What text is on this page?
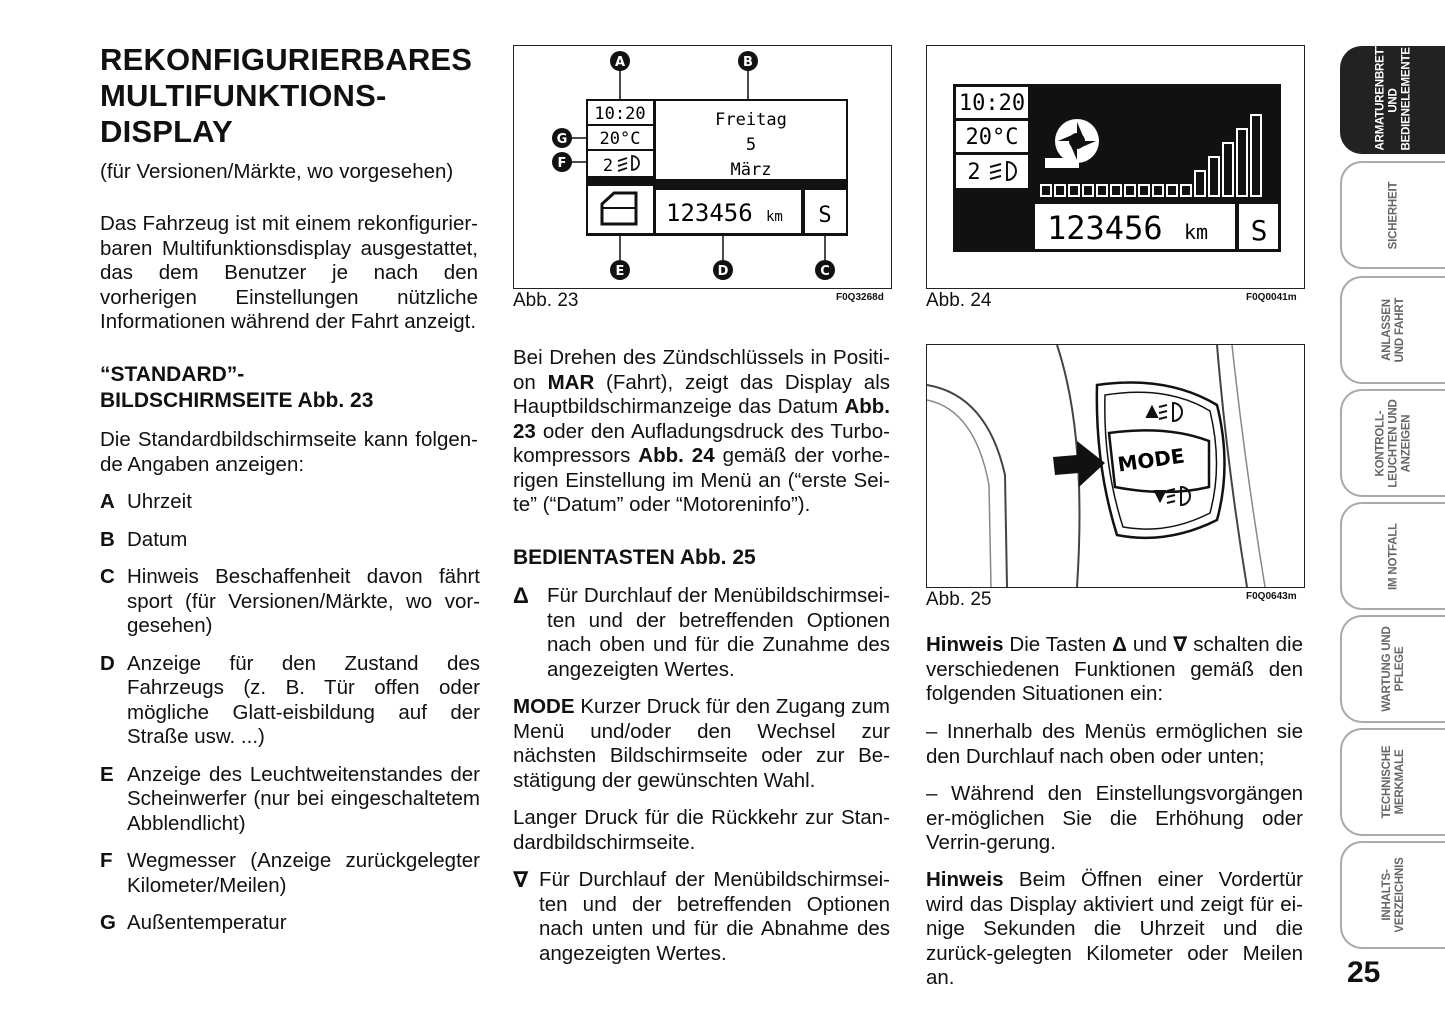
REKONFIGURIERBARES MULTIFUNKTIONS-DISPLAY
(für Versionen/Märkte, wo vorgesehen)
Das Fahrzeug ist mit einem rekonfigurier-baren Multifunktionsdisplay ausgestattet, das dem Benutzer je nach den vorherigen Einstellungen nützliche Informationen während der Fahrt anzeigt.
“STANDARD”-BILDSCHIRMSEITE Abb. 23
Die Standardbildschirmseite kann folgen-de Angaben anzeigen:
A Uhrzeit
B Datum
C Hinweis Beschaffenheit davon fährt sport (für Versionen/Märkte, wo vor-gesehen)
D Anzeige für den Zustand des Fahrzeugs (z. B. Tür offen oder mögliche Glatt-eisbildung auf der Straße usw. ...)
E Anzeige des Leuchtweitenstandes der Scheinwerfer (nur bei eingeschaltetem Abblendlicht)
F Wegmesser (Anzeige zurückgelegter Kilometer/Meilen)
G Außentemperatur
10:20
20°C
2
Freitag
5
März
123456 km S
A	B
C
D
E
F
G
Abb. 23	F0Q3268d
10:20
20°C
2
123456 km S
Abb. 24	F0Q0041m
MODE
Abb. 25	F0Q0643m
Bei Drehen des Zündschlüssels in Positi-on MAR (Fahrt), zeigt das Display als Hauptbildschirmanzeige das Datum Abb. 23 oder den Aufladungsdruck des Turbo-kompressors Abb. 24 gemäß der vorhe-rigen Einstellung im Menü an (“erste Sei-te” (“Datum” oder “Motoreninfo”).
BEDIENTASTEN Abb. 25
Δ Für Durchlauf der Menübildschirmsei-ten und der betreffenden Optionen nach oben und für die Zunahme des angezeigten Wertes.
MODE Kurzer Druck für den Zugang zum Menü und/oder den Wechsel zur nächsten Bildschirmseite oder zur Be-stätigung der gewünschten Wahl.
Langer Druck für die Rückkehr zur Stan-dardbildschirmseite.
∇ Für Durchlauf der Menübildschirmsei-ten und der betreffenden Optionen nach unten und für die Abnahme des angezeigten Wertes.
Hinweis Die Tasten Δ und ∇ schalten die verschiedenen Funktionen gemäß den folgenden Situationen ein:
– Innerhalb des Menüs ermöglichen sie den Durchlauf nach oben oder unten;
– Während den Einstellungsvorgängen er-möglichen Sie die Erhöhung oder Verrin-gerung.
Hinweis Beim Öffnen einer Vordertür wird das Display aktiviert und zeigt für ei-nige Sekunden die Uhrzeit und die zurück-gelegten Kilometer oder Meilen an.
ARMATURENBRETT
UND
BEDIENELEMENTE
SICHERHEIT
ANLASSEN
UND FAHRT
KONTROLL-
LEUCHTEN UND
ANZEIGEN
IM NOTFALL
WARTUNG UND
PFLEGE
TECHNISCHE
MERKMALE
INHALTS-
VERZEICHNIS
25
